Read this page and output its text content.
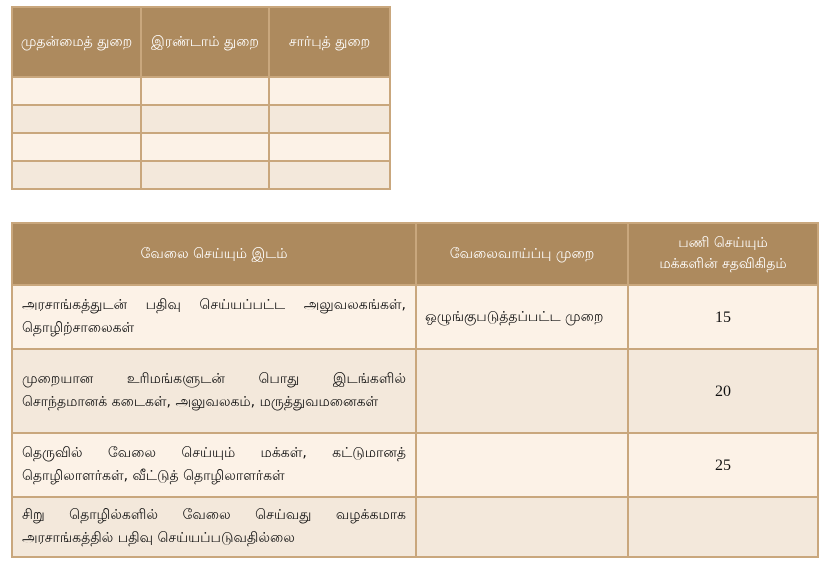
முதன்மைத் துறை	இரண்டாம் துறை	சார்புத் துறை

வேலை செய்யும் இடம்	வேலைவாய்ப்பு முறை	பணி செய்யும் மக்களின் சதவிகிதம்
அரசாங்கத்துடன் பதிவு செய்யப்பட்ட அலுவலகங்கள், தொழிற்சாலைகள்	ஒழுங்குபடுத்தப்பட்ட முறை	15
முறையான உரிமங்களுடன் பொது இடங்களில் சொந்தமானக் கடைகள், அலுவலகம், மருத்துவமனைகள்		20
தெருவில் வேலை செய்யும் மக்கள், கட்டுமானத் தொழிலாளர்கள், வீட்டுத் தொழிலாளர்கள்		25
சிறு தொழில்களில் வேலை செய்வது வழக்கமாக அரசாங்கத்தில் பதிவு செய்யப்படுவதில்லை		
